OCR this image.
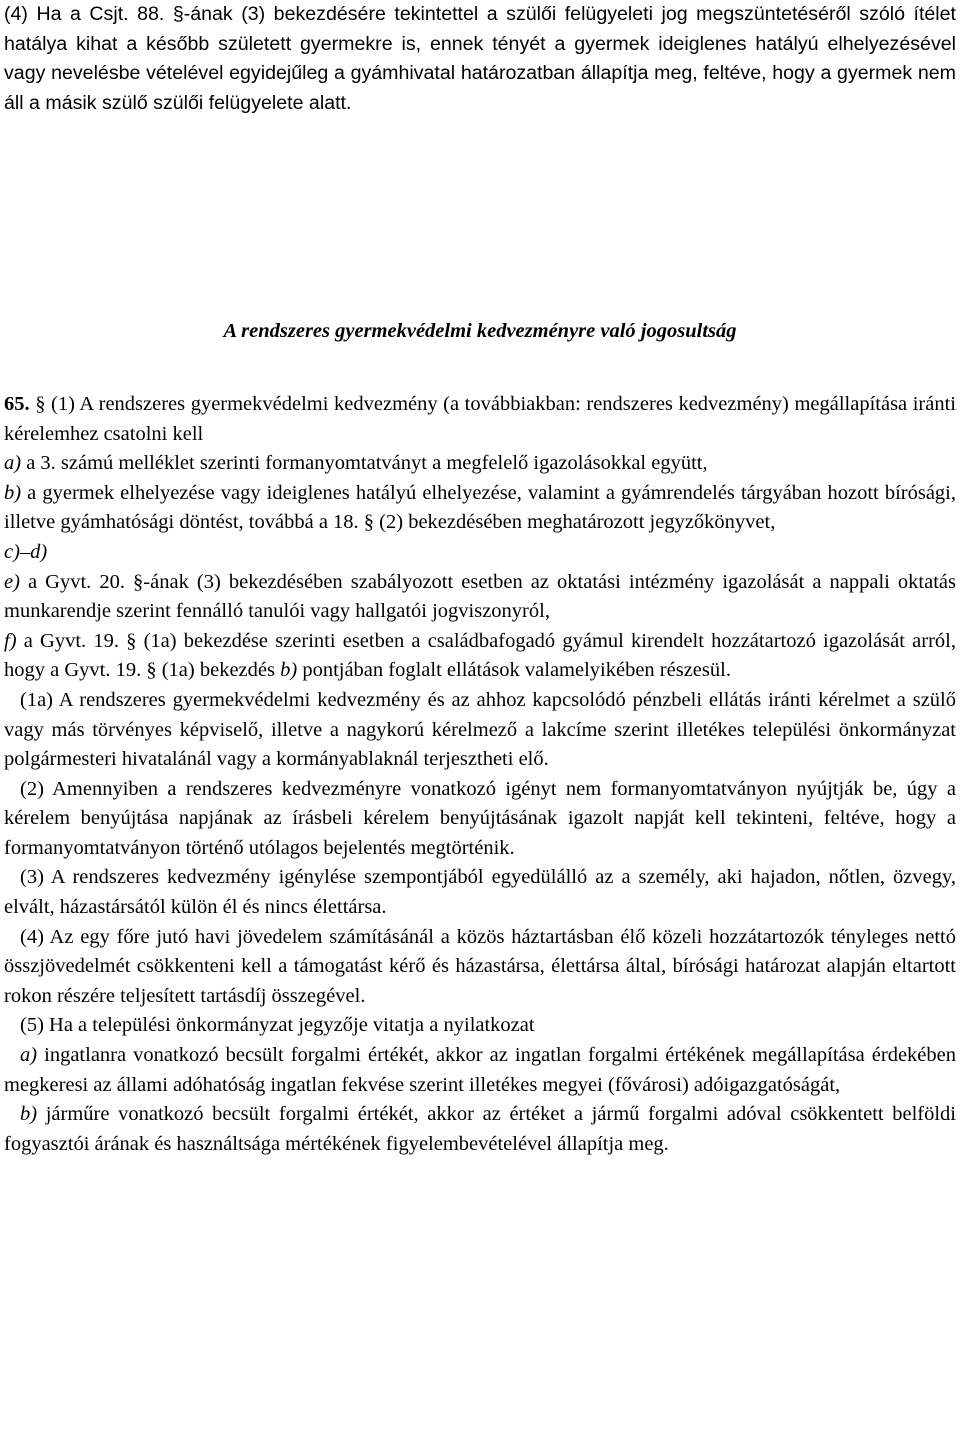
(4) Ha a Csjt. 88. §-ának (3) bekezdésére tekintettel a szülői felügyeleti jog megszüntetéséről szóló ítélet hatálya kihat a később született gyermekre is, ennek tényét a gyermek ideiglenes hatályú elhelyezésével vagy nevelésbe vételével egyidejűleg a gyámhivatal határozatban állapítja meg, feltéve, hogy a gyermek nem áll a másik szülő szülői felügyelete alatt.

A rendszeres gyermekvédelmi kedvezményre való jogosultság

65. § (1) A rendszeres gyermekvédelmi kedvezmény (a továbbiakban: rendszeres kedvezmény) megállapítása iránti kérelemhez csatolni kell

a) a 3. számú melléklet szerinti formanyomtatványt a megfelelő igazolásokkal együtt,

b) a gyermek elhelyezése vagy ideiglenes hatályú elhelyezése, valamint a gyámrendelés tárgyában hozott bírósági, illetve gyámhatósági döntést, továbbá a 18. § (2) bekezdésében meghatározott jegyzőkönyvet,

c)–d)

e) a Gyvt. 20. §-ának (3) bekezdésében szabályozott esetben az oktatási intézmény igazolását a nappali oktatás munkarendje szerint fennálló tanulói vagy hallgatói jogviszonyról,

f) a Gyvt. 19. § (1a) bekezdése szerinti esetben a családbafogadó gyámul kirendelt hozzátartozó igazolását arról, hogy a Gyvt. 19. § (1a) bekezdés b) pontjában foglalt ellátások valamelyikében részesül.

(1a) A rendszeres gyermekvédelmi kedvezmény és az ahhoz kapcsolódó pénzbeli ellátás iránti kérelmet a szülő vagy más törvényes képviselő, illetve a nagykorú kérelmező a lakcíme szerint illetékes települési önkormányzat polgármesteri hivatalánál vagy a kormányablaknál terjesztheti elő.

(2) Amennyiben a rendszeres kedvezményre vonatkozó igényt nem formanyomtatványon nyújtják be, úgy a kérelem benyújtása napjának az írásbeli kérelem benyújtásának igazolt napját kell tekinteni, feltéve, hogy a formanyomtatványon történő utólagos bejelentés megtörténik.

(3) A rendszeres kedvezmény igénylése szempontjából egyedülálló az a személy, aki hajadon, nőtlen, özvegy, elvált, házastársától külön él és nincs élettársa.

(4) Az egy főre jutó havi jövedelem számításánál a közös háztartásban élő közeli hozzátartozók tényleges nettó összjövedelmét csökkenteni kell a támogatást kérő és házastársa, élettársa által, bírósági határozat alapján eltartott rokon részére teljesített tartásdíj összegével.

(5) Ha a települési önkormányzat jegyzője vitatja a nyilatkozat

a) ingatlanra vonatkozó becsült forgalmi értékét, akkor az ingatlan forgalmi értékének megállapítása érdekében megkeresi az állami adóhatóság ingatlan fekvése szerint illetékes megyei (fővárosi) adóigazgatóságát,

b) járműre vonatkozó becsült forgalmi értékét, akkor az értéket a jármű forgalmi adóval csökkentett belföldi fogyasztói árának és használtsága mértékének figyelembevételével állapítja meg.
